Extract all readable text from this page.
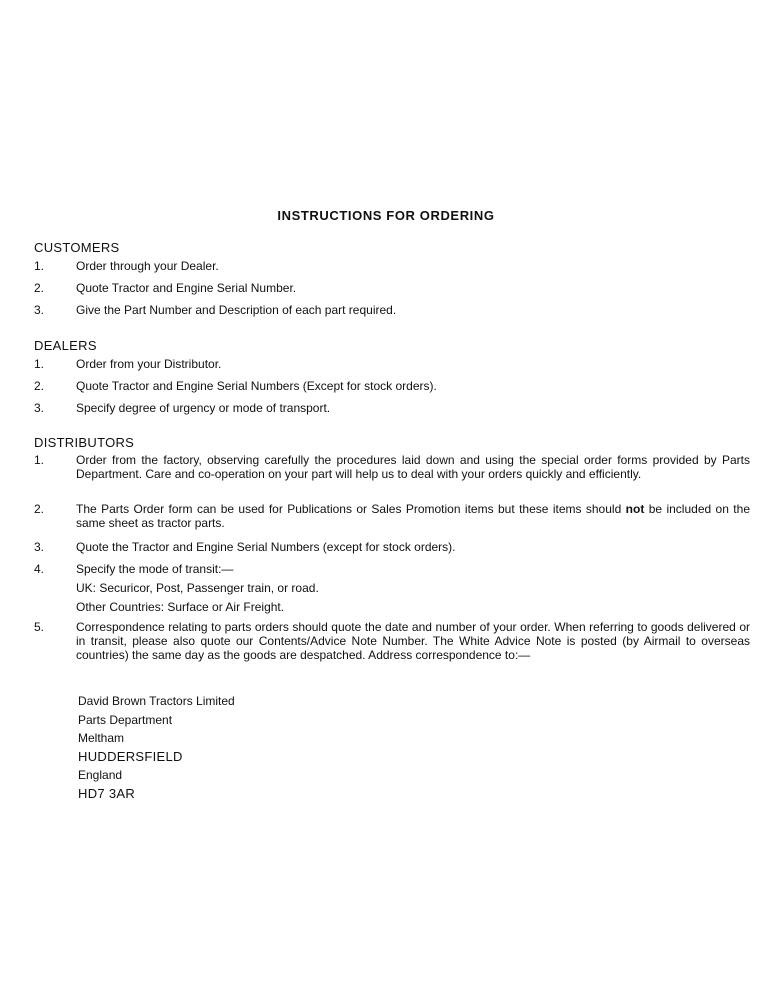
INSTRUCTIONS FOR ORDERING
CUSTOMERS
1.	Order through your Dealer.
2.	Quote Tractor and Engine Serial Number.
3.	Give the Part Number and Description of each part required.
DEALERS
1.	Order from your Distributor.
2.	Quote Tractor and Engine Serial Numbers (Except for stock orders).
3.	Specify degree of urgency or mode of transport.
DISTRIBUTORS
1.	Order from the factory, observing carefully the procedures laid down and using the special order forms provided by Parts Department. Care and co-operation on your part will help us to deal with your orders quickly and efficiently.
2.	The Parts Order form can be used for Publications or Sales Promotion items but these items should not be included on the same sheet as tractor parts.
3.	Quote the Tractor and Engine Serial Numbers (except for stock orders).
4.	Specify the mode of transit:—
UK: Securicor, Post, Passenger train, or road.
Other Countries: Surface or Air Freight.
5.	Correspondence relating to parts orders should quote the date and number of your order. When referring to goods delivered or in transit, please also quote our Contents/Advice Note Number. The White Advice Note is posted (by Airmail to overseas countries) the same day as the goods are despatched. Address correspondence to:—
David Brown Tractors Limited
Parts Department
Meltham
HUDDERSFIELD
England
HD7 3AR
